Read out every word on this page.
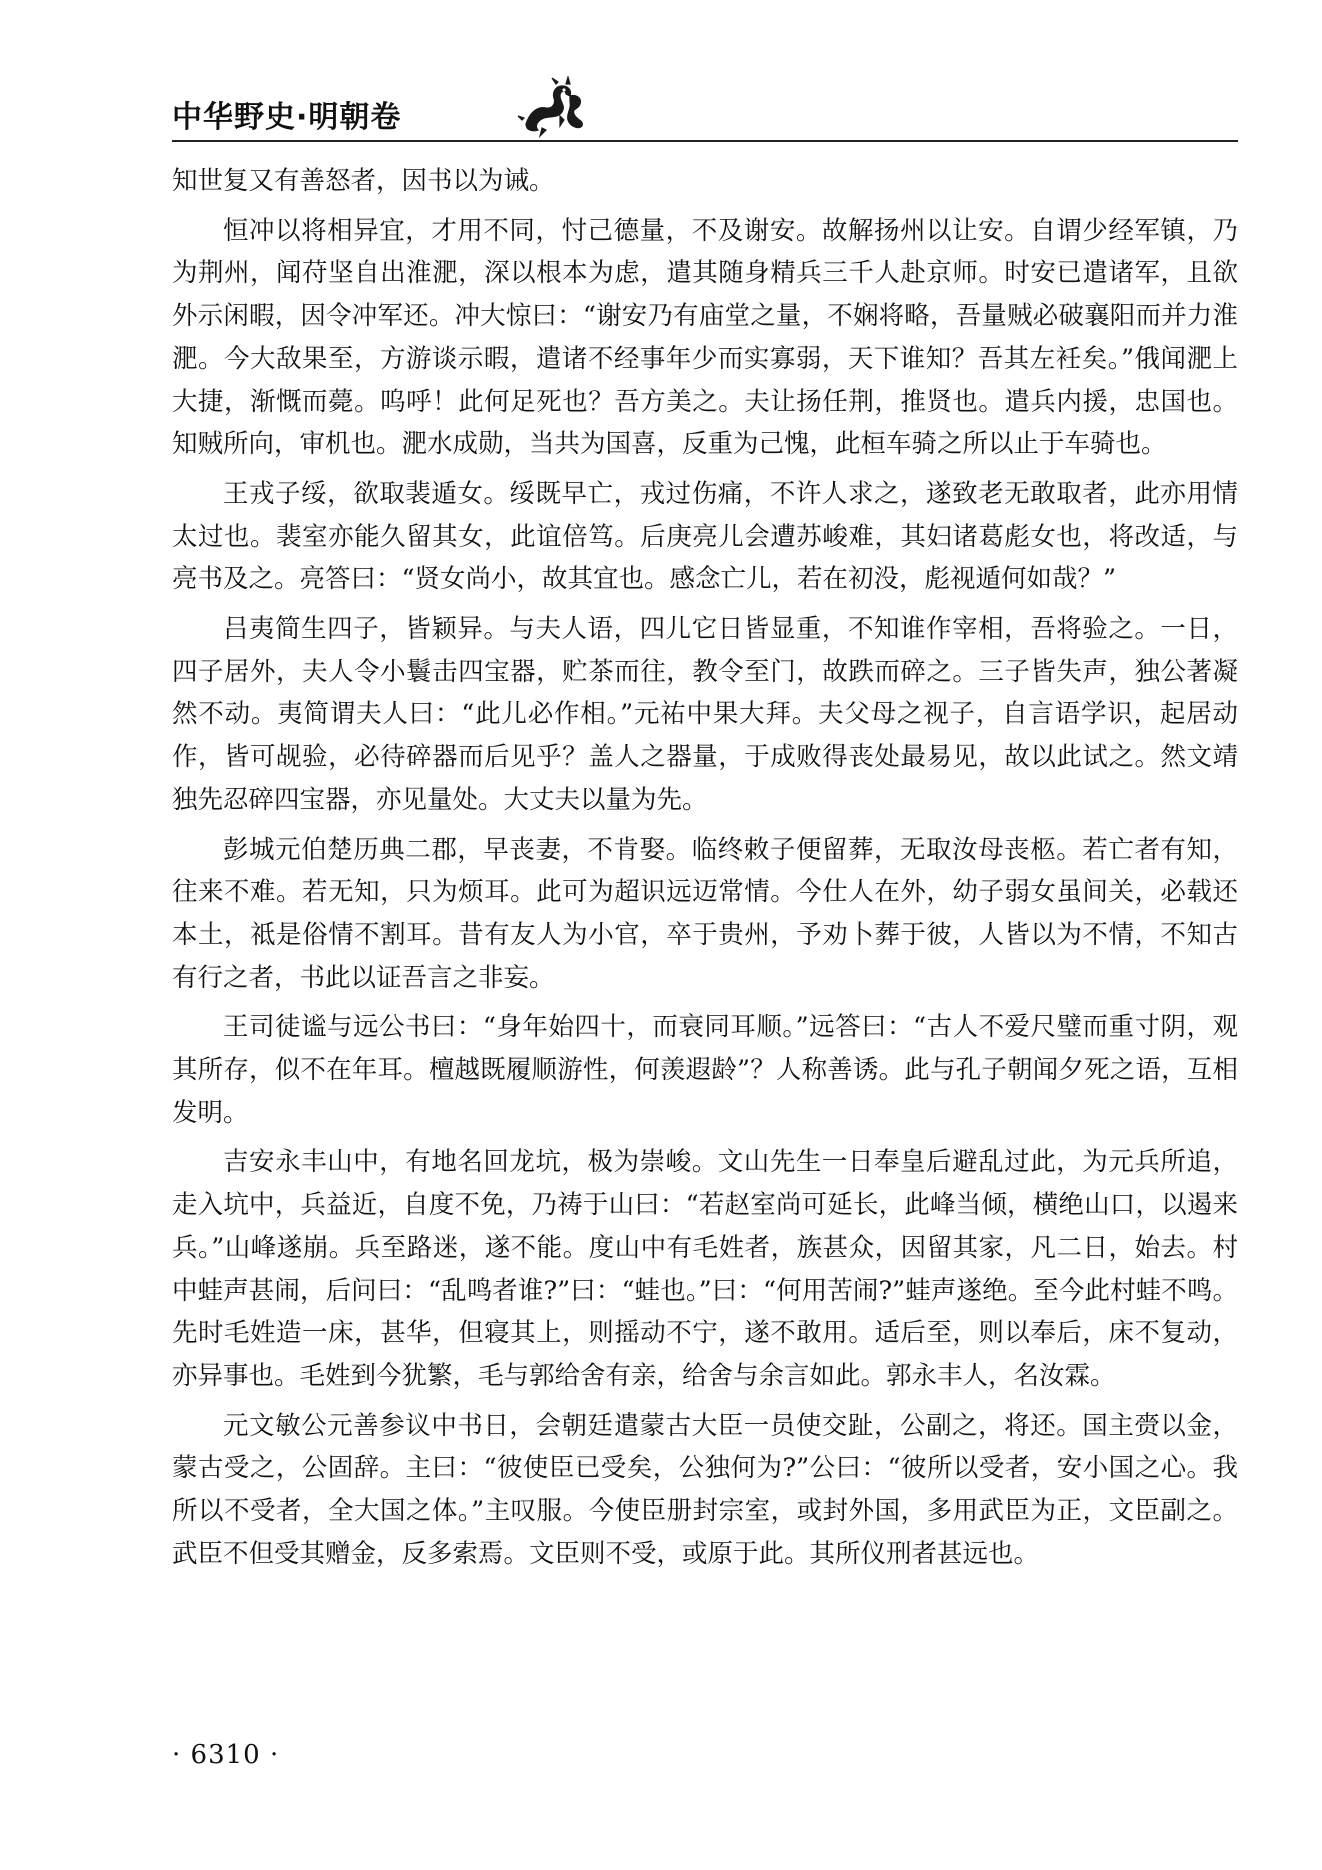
中华野史·明朝卷

知世复又有善怒者，因书以为诫。

恒冲以将相异宜，才用不同，忖己德量，不及谢安。故解扬州以让安。自谓少经军镇，乃为荆州，闻苻坚自出淮淝，深以根本为虑，遣其随身精兵三千人赴京师。时安已遣诸军，且欲外示闲暇，因令冲军还。冲大惊曰：“谢安乃有庙堂之量，不娴将略，吾量贼必破襄阳而并力淮淝。今大敌果至，方游谈示暇，遣诸不经事年少而实寡弱，天下谁知？吾其左衽矣。”俄闻淝上大捷，渐慨而薨。呜呼！此何足死也？吾方美之。夫让扬任荆，推贤也。遣兵内援，忠国也。知贼所向，审机也。淝水成勋，当共为国喜，反重为己愧，此桓车骑之所以止于车骑也。

王戎子绥，欲取裴遁女。绥既早亡，戎过伤痛，不许人求之，遂致老无敢取者，此亦用情太过也。裴室亦能久留其女，此谊倍笃。后庚亮儿会遭苏峻难，其妇诸葛彪女也，将改适，与亮书及之。亮答曰：“贤女尚小，故其宜也。感念亡儿，若在初没，彪视遁何如哉？”

吕夷简生四子，皆颖异。与夫人语，四儿它日皆显重，不知谁作宰相，吾将验之。一日，四子居外，夫人令小鬟击四宝器，贮茶而往，教令至门，故跌而碎之。三子皆失声，独公著凝然不动。夷简谓夫人曰：“此儿必作相。”元祐中果大拜。夫父母之视子，自言语学识，起居动作，皆可觇验，必待碎器而后见乎？盖人之器量，于成败得丧处最易见，故以此试之。然文靖独先忍碎四宝器，亦见量处。大丈夫以量为先。

彭城元伯楚历典二郡，早丧妻，不肯娶。临终敕子便留葬，无取汝母丧柩。若亡者有知，往来不难。若无知，只为烦耳。此可为超识远迈常情。今仕人在外，幼子弱女虽间关，必载还本土，祗是俗情不割耳。昔有友人为小官，卒于贵州，予劝卜葬于彼，人皆以为不情，不知古有行之者，书此以证吾言之非妄。

王司徒谧与远公书曰：“身年始四十，而衰同耳顺。”远答曰：“古人不爱尺璧而重寸阴，观其所存，似不在年耳。檀越既履顺游性，何羡遐龄”？人称善诱。此与孔子朝闻夕死之语，互相发明。

吉安永丰山中，有地名回龙坑，极为崇峻。文山先生一日奉皇后避乱过此，为元兵所追，走入坑中，兵益近，自度不免，乃祷于山曰：“若赵室尚可延长，此峰当倾，横绝山口，以遏来兵。”山峰遂崩。兵至路迷，遂不能。度山中有毛姓者，族甚众，因留其家，凡二日，始去。村中蛙声甚闹，后问曰：“乱鸣者谁?”曰：“蛙也。”曰：“何用苦闹?”蛙声遂绝。至今此村蛙不鸣。先时毛姓造一床，甚华，但寝其上，则摇动不宁，遂不敢用。适后至，则以奉后，床不复动，亦异事也。毛姓到今犹繁，毛与郭给舍有亲，给舍与余言如此。郭永丰人，名汝霖。

元文敏公元善参议中书日，会朝廷遣蒙古大臣一员使交趾，公副之，将还。国主赍以金，蒙古受之，公固辞。主曰：“彼使臣已受矣，公独何为?”公曰：“彼所以受者，安小国之心。我所以不受者，全大国之体。”主叹服。今使臣册封宗室，或封外国，多用武臣为正，文臣副之。武臣不但受其赠金，反多索焉。文臣则不受，或原于此。其所仪刑者甚远也。

· 6310 ·
